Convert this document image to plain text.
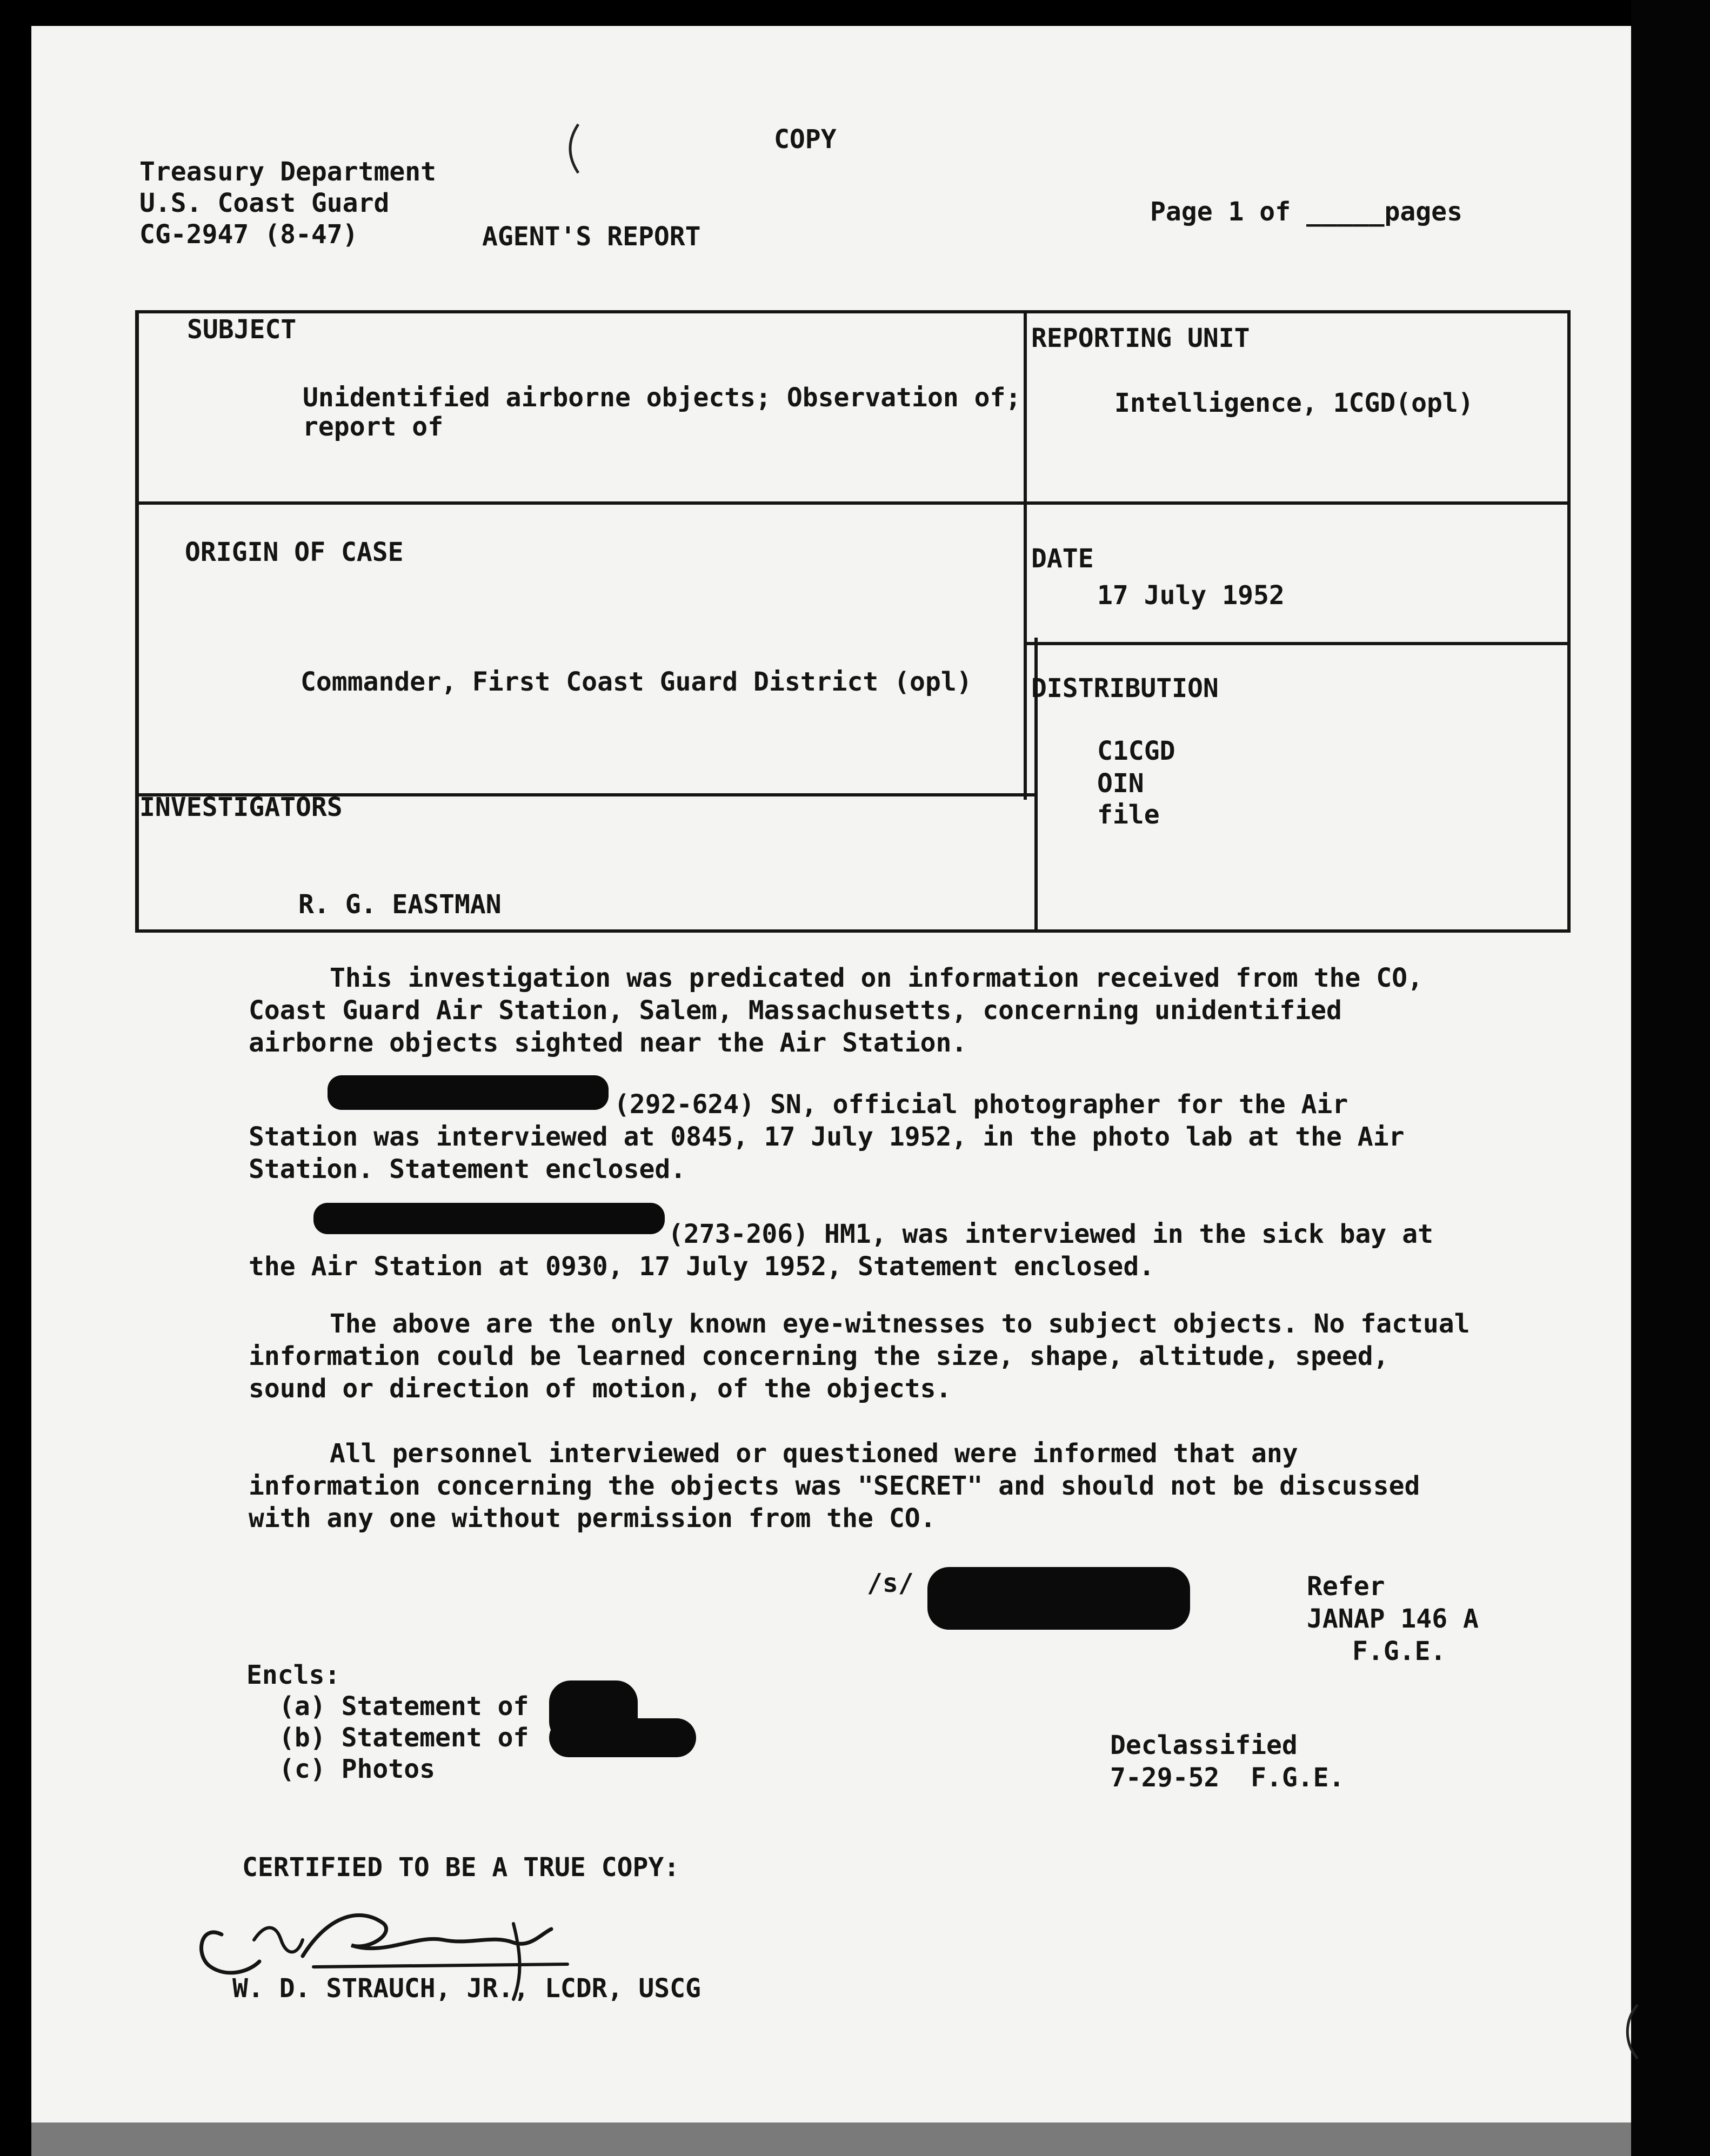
COPY
Treasury Department
U.S. Coast Guard
CG-2947 (8-47)	AGENT'S REPORT
Page 1 of _____pages
SUBJECT
Unidentified airborne objects; Observation of;
report of
REPORTING UNIT
Intelligence, 1CGD(opl)
ORIGIN OF CASE
Commander, First Coast Guard District (opl)
DATE
17 July 1952
DISTRIBUTION
C1CGD
OIN
file
INVESTIGATORS
R. G. EASTMAN
This investigation was predicated on information received from the CO, Coast Guard Air Station, Salem, Massachusetts, concerning unidentified airborne objects sighted near the Air Station.
(292-624) SN, official photographer for the Air Station was interviewed at 0845, 17 July 1952, in the photo lab at the Air Station. Statement enclosed.
(273-206) HM1, was interviewed in the sick bay at the Air Station at 0930, 17 July 1952, Statement enclosed.
The above are the only known eye-witnesses to subject objects. No factual information could be learned concerning the size, shape, altitude, speed, sound or direction of motion, of the objects.
All personnel interviewed or questioned were informed that any information concerning the objects was "SECRET" and should not be discussed with any one without permission from the CO.
/s/	Refer
JANAP 146 A
F.G.E.
Encls:
(a) Statement of
(b) Statement of
(c) Photos
Declassified
7-29-52  F.G.E.
CERTIFIED TO BE A TRUE COPY:
W. D. STRAUCH, JR., LCDR, USCG
